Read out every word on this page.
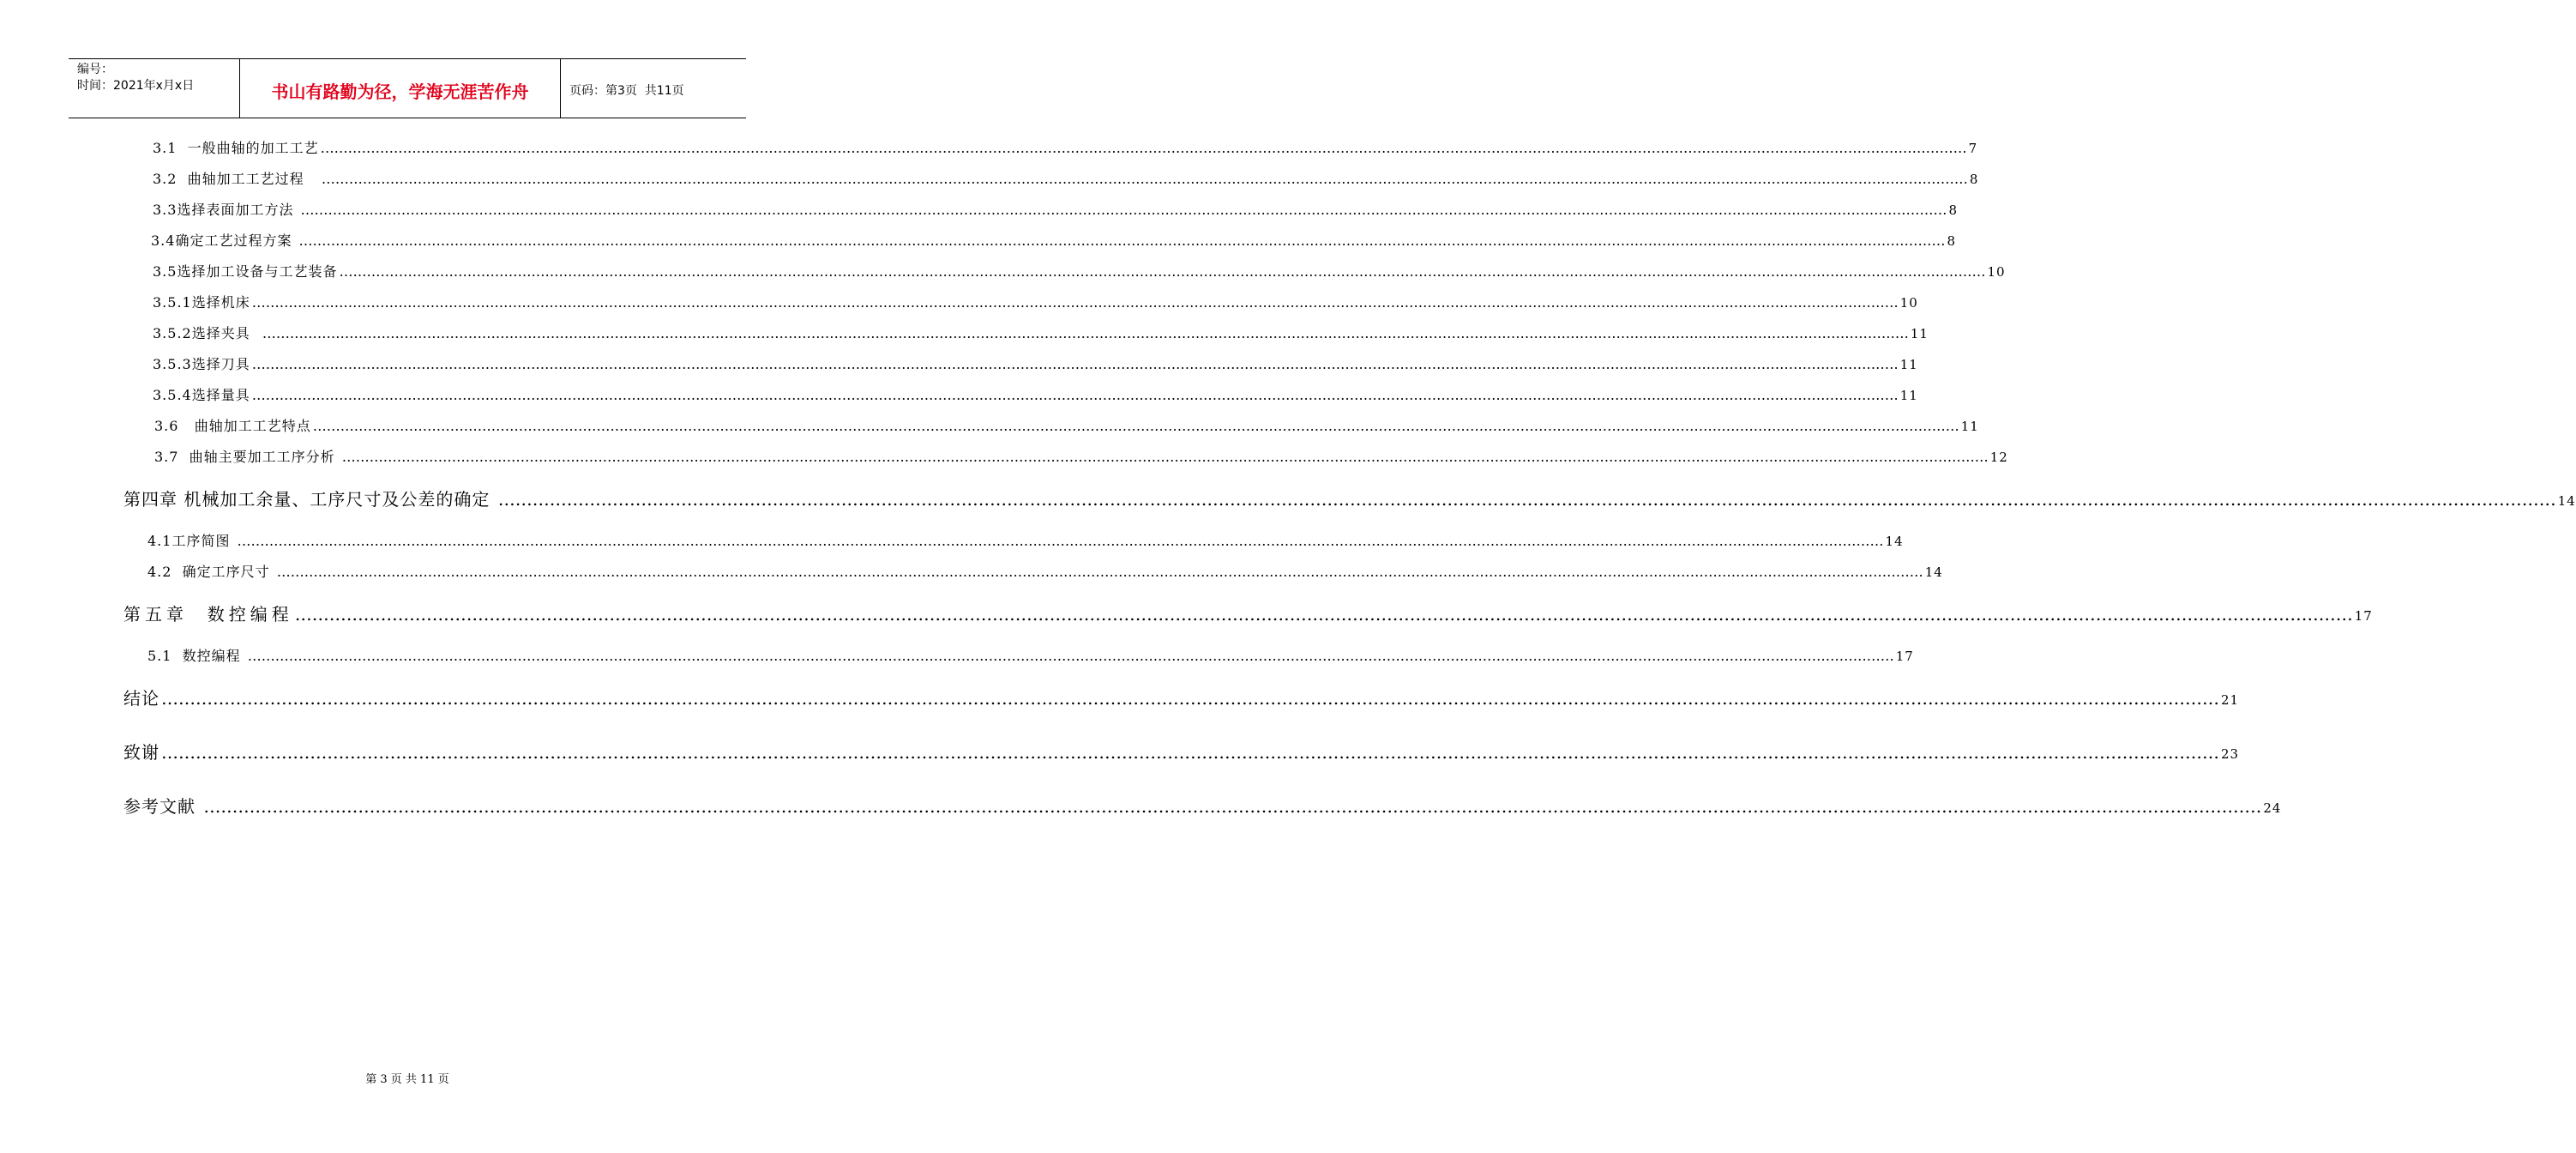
编号：
时间：2021年x月x日	书山有路勤为径，学海无涯苦作舟	页码：第3页  共11页
3.1  一般曲轴的加工工艺 ……………………………………………………………………………………………………………………………………………………………………………………………………………………………………………………………………………………………………………………………… 7
3.2  曲轴加工工艺过程 ……………………………………………………………………………………………………………………………………………………………………………………………………………………………………………………………………………………………………………………………… 8
3.3选择表面加工方法 ……………………………………………………………………………………………………………………………………………………………………………………………………………………………………………………………………………………………………………………………… 8
3.4确定工艺过程方案 ……………………………………………………………………………………………………………………………………………………………………………………………………………………………………………………………………………………………………………………………… 8
3.5选择加工设备与工艺装备 ……………………………………………………………………………………………………………………………………………………………………………………………………………………………………………………………………………………………………………………………… 10
3.5.1选择机床 ……………………………………………………………………………………………………………………………………………………………………………………………………………………………………………………………………………………………………………………………… 10
3.5.2选择夹具 ……………………………………………………………………………………………………………………………………………………………………………………………………………………………………………………………………………………………………………………………… 11
3.5.3选择刀具 ……………………………………………………………………………………………………………………………………………………………………………………………………………………………………………………………………………………………………………………………… 11
3.5.4选择量具 ……………………………………………………………………………………………………………………………………………………………………………………………………………………………………………………………………………………………………………………………… 11
3.6   曲轴加工工艺特点 ……………………………………………………………………………………………………………………………………………………………………………………………………………………………………………………………………………………………………………………………… 11
3.7  曲轴主要加工工序分析 ……………………………………………………………………………………………………………………………………………………………………………………………………………………………………………………………………………………………………………………………… 12
第四章 机械加工余量、工序尺寸及公差的确定 ……………………………………………………………………………………………………………………………………………………………………………………………………………………………………………………………………………………………………………………………… 14
4.1工序简图 ……………………………………………………………………………………………………………………………………………………………………………………………………………………………………………………………………………………………………………………………… 14
4.2  确定工序尺寸 ……………………………………………………………………………………………………………………………………………………………………………………………………………………………………………………………………………………………………………………………… 14
第五章  数控编程 ……………………………………………………………………………………………………………………………………………………………………………………………………………………………………………………………………………………………………………………………… 17
5.1  数控编程 ……………………………………………………………………………………………………………………………………………………………………………………………………………………………………………………………………………………………………………………………… 17
结论 ……………………………………………………………………………………………………………………………………………………………………………………………………………………………………………………………………………………………………………………………… 21
致谢 ……………………………………………………………………………………………………………………………………………………………………………………………………………………………………………………………………………………………………………………………… 23
参考文献 ……………………………………………………………………………………………………………………………………………………………………………………………………………………………………………………………………………………………………………………………… 24
第 3 页 共 11 页
